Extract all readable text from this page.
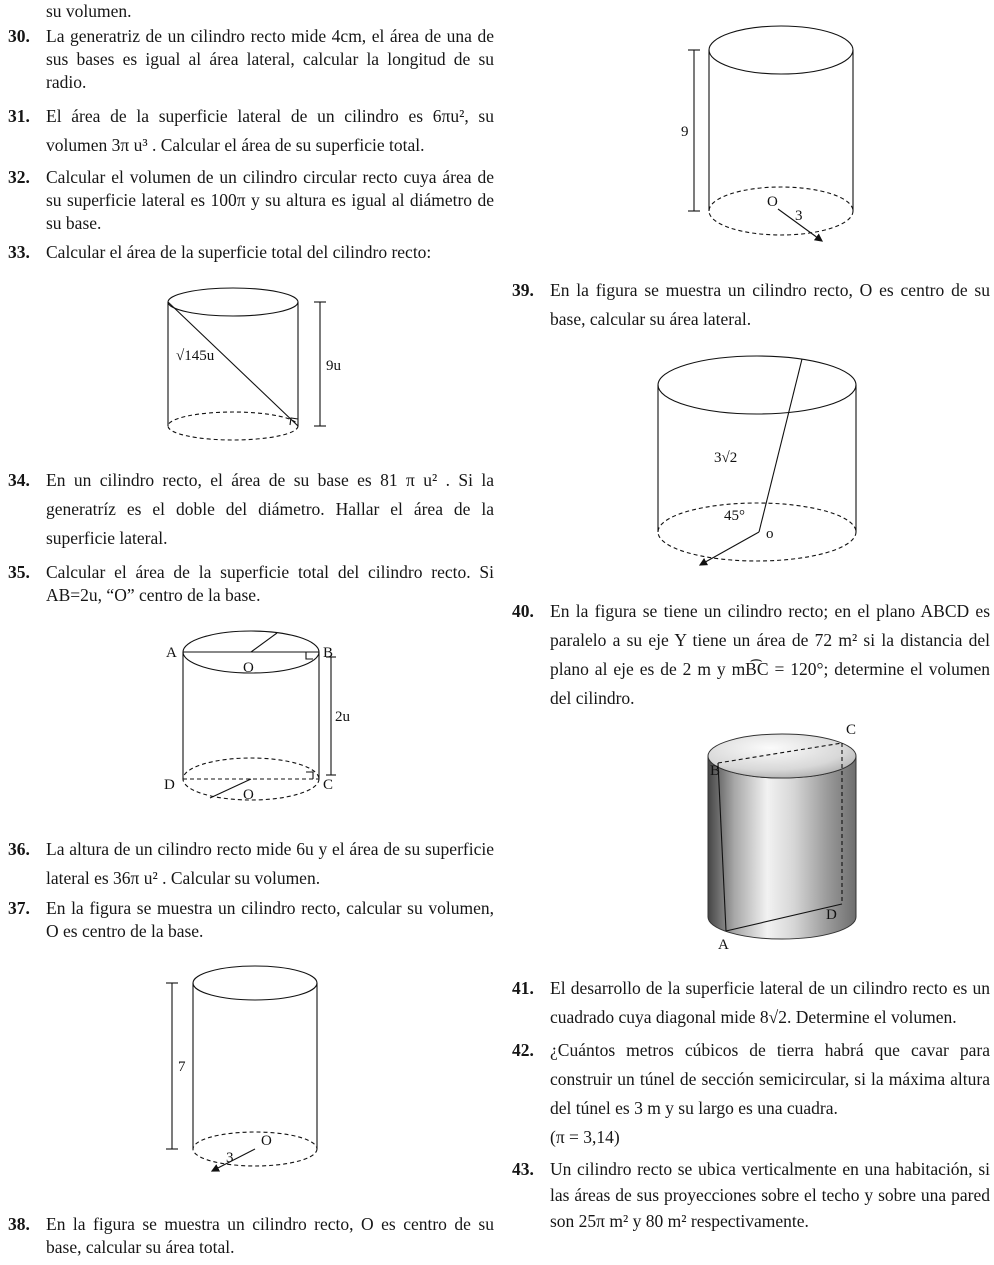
su volumen.
30. La generatriz de un cilindro recto mide 4cm, el área de una de sus bases es igual al área lateral, calcular la longitud de su radio.
31. El área de la superficie lateral de un cilindro es 6πu², su volumen 3π u³ . Calcular el área de su superficie total.
32. Calcular el volumen de un cilindro circular recto cuya área de su superficie lateral es 100π y su altura es igual al diámetro de su base.
33. Calcular el área de la superficie total del cilindro recto:
√145u
9u
34. En un cilindro recto, el área de su base es 81 π u² . Si la generatríz es el doble del diámetro. Hallar el área de la superficie lateral.
35. Calcular el área de la superficie total del cilindro recto. Si AB=2u, “O” centro de la base.
A	B
O
D	C
O
2u
36. La altura de un cilindro recto mide 6u y el área de su superficie lateral es 36π u² . Calcular su volumen.
37. En la figura se muestra un cilindro recto, calcular su volumen, O es centro de la base.
7
O
3
38. En la figura se muestra un cilindro recto, O es centro de su base, calcular su área total.
9
O
3
39. En la figura se muestra un cilindro recto, O es centro de su base, calcular su área lateral.
3√2
45°
o
40. En la figura se tiene un cilindro recto; en el plano ABCD es paralelo a su eje Y tiene un área de 72 m² si la distancia del plano al eje es de 2 m y mB͡C = 120°; determine el volumen del cilindro.
C
B
D
A
41. El desarrollo de la superficie lateral de un cilindro recto es un cuadrado cuya diagonal mide 8√2. Determine el volumen.
42. ¿Cuántos metros cúbicos de tierra habrá que cavar para construir un túnel de sección semicircular, si la máxima altura del túnel es 3 m y su largo es una cuadra.
(π = 3,14)
43. Un cilindro recto se ubica verticalmente en una habitación, si las áreas de sus proyecciones sobre el techo y sobre una pared son 25π m² y 80 m² respectivamente.
